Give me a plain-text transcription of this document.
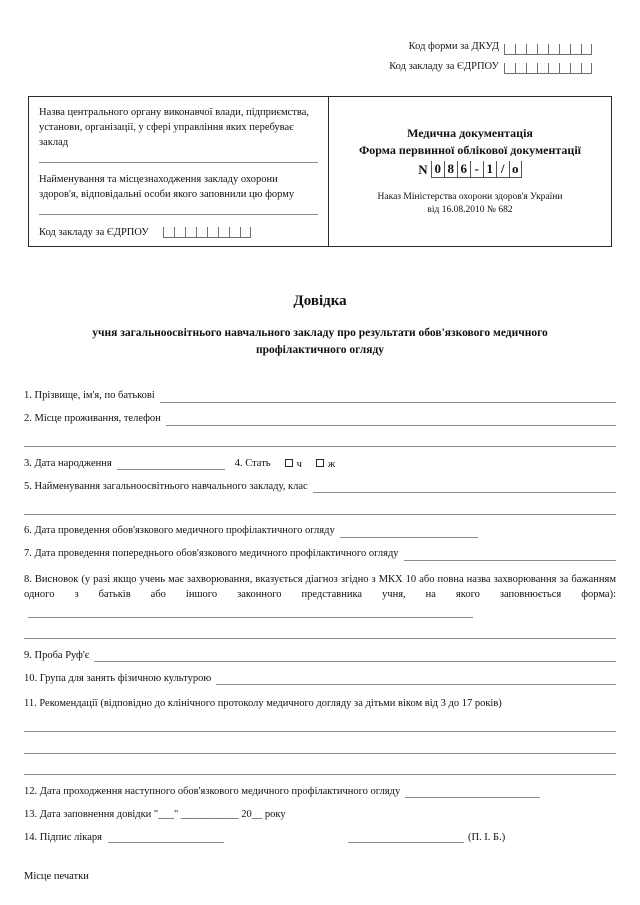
Код форми за ДКУД
Код закладу за ЄДРПОУ

Назва центрального органу виконавчої влади, підприємства, установи, організації, у сфері управління яких перебуває заклад

Найменування та місцезнаходження закладу охорони здоров'я, відповідальні особи якого заповнили цю форму

Код закладу за ЄДРПОУ

Медична документація

Форма первинної облікової документації

N 0 8 6 - 1 / o
Наказ Міністерства охорони здоров'я України
від 16.08.2010 № 682
Довідка
учня загальноосвітнього навчального закладу про результати обов'язкового медичного профілактичного огляду
1. Прізвище, ім'я, по батькові
2. Місце проживання, телефон
3. Дата народження	4. Стать	ч	ж
5. Найменування загальноосвітнього навчального закладу, клас
6. Дата проведення обов'язкового медичного профілактичного огляду
7. Дата проведення попереднього обов'язкового медичного профілактичного огляду
8. Висновок (у разі якщо учень має захворювання, вказується діагноз згідно з МКХ 10 або повна назва захворювання за бажанням одного з батьків або іншого законного представника учня, на якого заповнюється форма):
9. Проба Руф'є
10. Група для занять фізичною культурою
11. Рекомендації (відповідно до клінічного протоколу медичного догляду за дітьми віком від 3 до 17 років)
12. Дата проходження наступного обов'язкового медичного профілактичного огляду
13. Дата заповнення довідки "___" ___________ 20__ року
14. Підпис лікаря	(П. І. Б.)
Місце печатки
